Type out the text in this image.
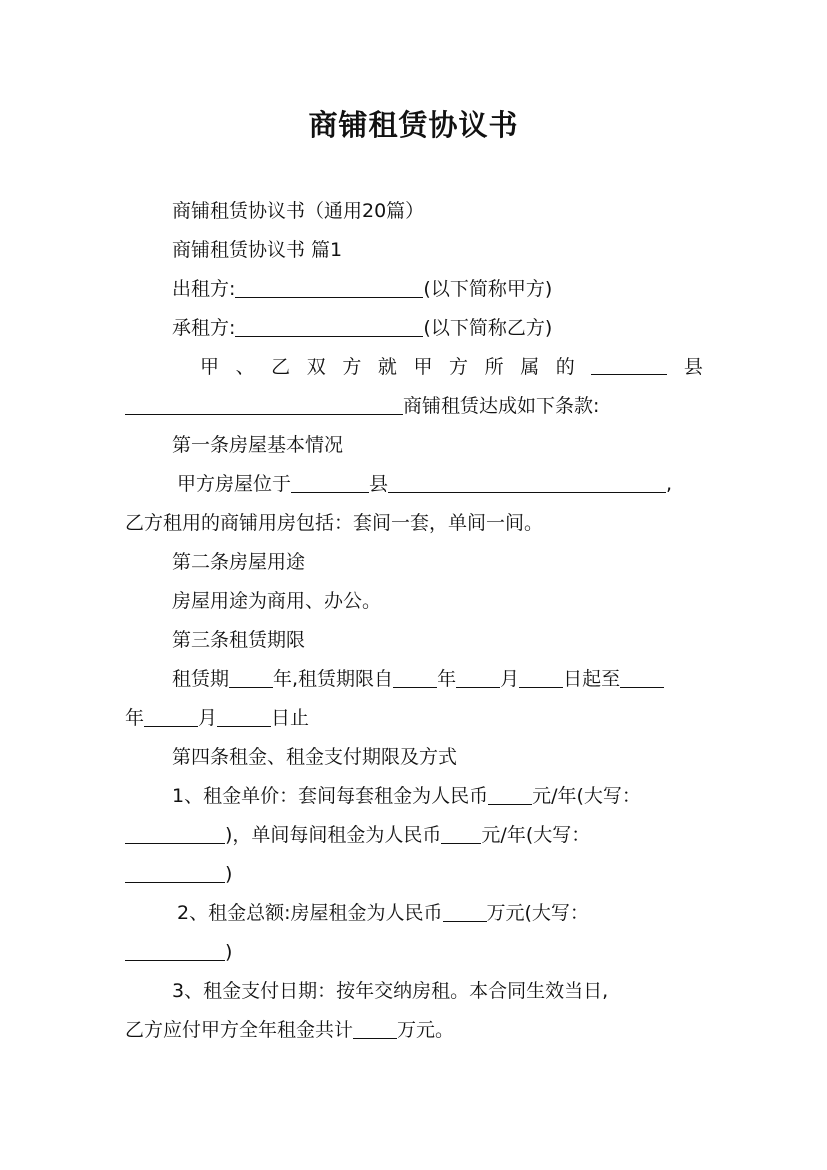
商铺租赁协议书
商铺租赁协议书（通用20篇）
商铺租赁协议书 篇1
出租方:	(以下简称甲方)
承租方:	(以下简称乙方)
甲 、 乙 双 方 就 甲 方 所 属 的	县
商铺租赁达成如下条款:
第一条房屋基本情况
甲方房屋位于	县	,
乙方租用的商铺用房包括：套间一套，单间一间。
第二条房屋用途
房屋用途为商用、办公。
第三条租赁期限
租赁期 年,租赁期限自 年 月 日起至
年	月	日止
第四条租金、租金支付期限及方式
1、租金单价：套间每套租金为人民币 元/年(大写：
)，单间每间租金为人民币 元/年(大写：
)
2、租金总额:房屋租金为人民币 万元(大写：
)
3、租金支付日期：按年交纳房租。本合同生效当日,
乙方应付甲方全年租金共计 万元。
